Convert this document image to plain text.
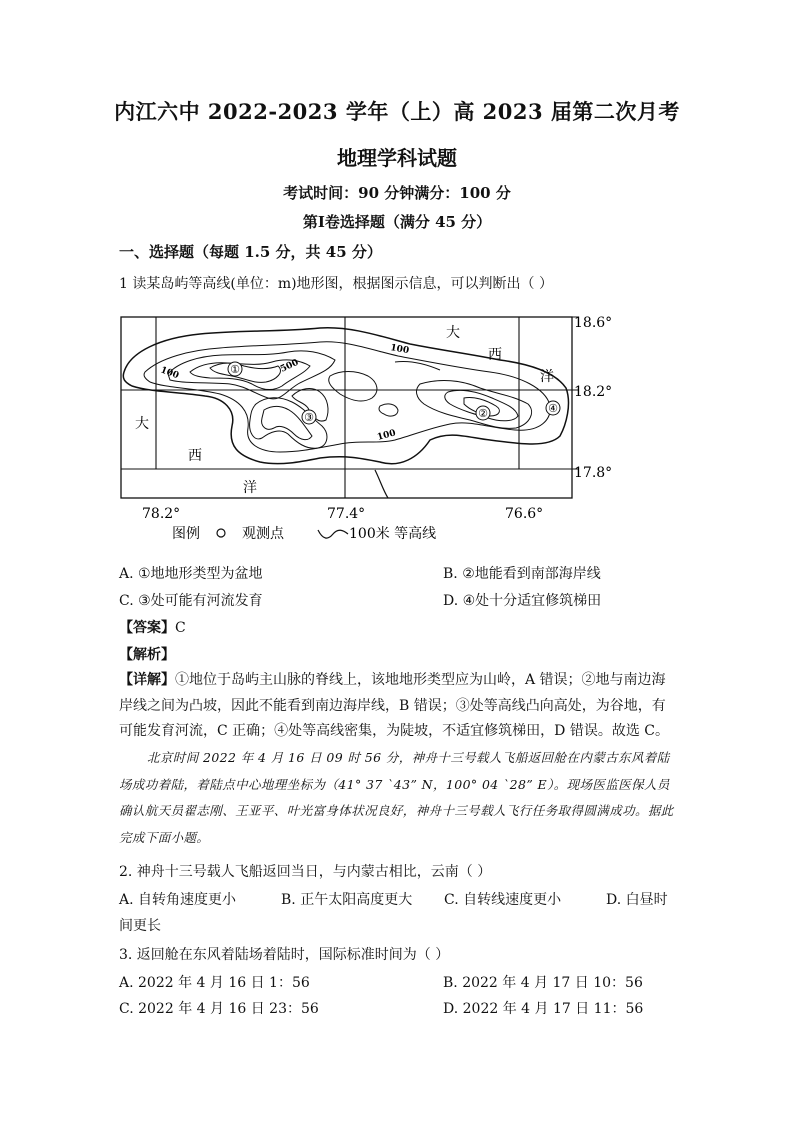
内江六中 2022-2023 学年（上）高 2023 届第二次月考
地理学科试题
考试时间：90 分钟满分：100 分
第Ⅰ卷选择题（满分 45 分）
一、选择题（每题 1.5 分，共 45 分）
1 读某岛屿等高线(单位：m)地形图，根据图示信息，可以判断出（ ）
100	500
100
100
①
②
③
④
大
西
洋
大
西
洋
18.6°
18.2°
17.8°
78.2°	77.4°	76.6°
图例	观测点	100米 等高线
A. ①地地形类型为盆地	B. ②地能看到南部海岸线
C. ③处可能有河流发育	D. ④处十分适宜修筑梯田
【答案】C
【解析】
【详解】①地位于岛屿主山脉的脊线上，该地地形类型应为山岭，A 错误；②地与南边海岸线之间为凸坡，因此不能看到南边海岸线，B 错误；③处等高线凸向高处，为谷地，有可能发育河流，C 正确；④处等高线密集，为陡坡，不适宜修筑梯田，D 错误。故选 C。
北京时间 2022 年 4 月 16 日 09 时 56 分，神舟十三号载人飞船返回舱在内蒙古东风着陆场成功着陆，着陆点中心地理坐标为（41° 37 `43” N，100° 04 `28” E）。现场医监医保人员确认航天员翟志刚、王亚平、叶光富身体状况良好，神舟十三号载人飞行任务取得圆满成功。据此完成下面小题。
2. 神舟十三号载人飞船返回当日，与内蒙古相比，云南（ ）
A. 自转角速度更小	B. 正午太阳高度更大 C. 自转线速度更小	D. 白昼时
间更长
3. 返回舱在东风着陆场着陆时，国际标准时间为（ ）
A. 2022 年 4 月 16 日 1：56	B. 2022 年 4 月 17 日 10：56
C. 2022 年 4 月 16 日 23：56	D. 2022 年 4 月 17 日 11：56
